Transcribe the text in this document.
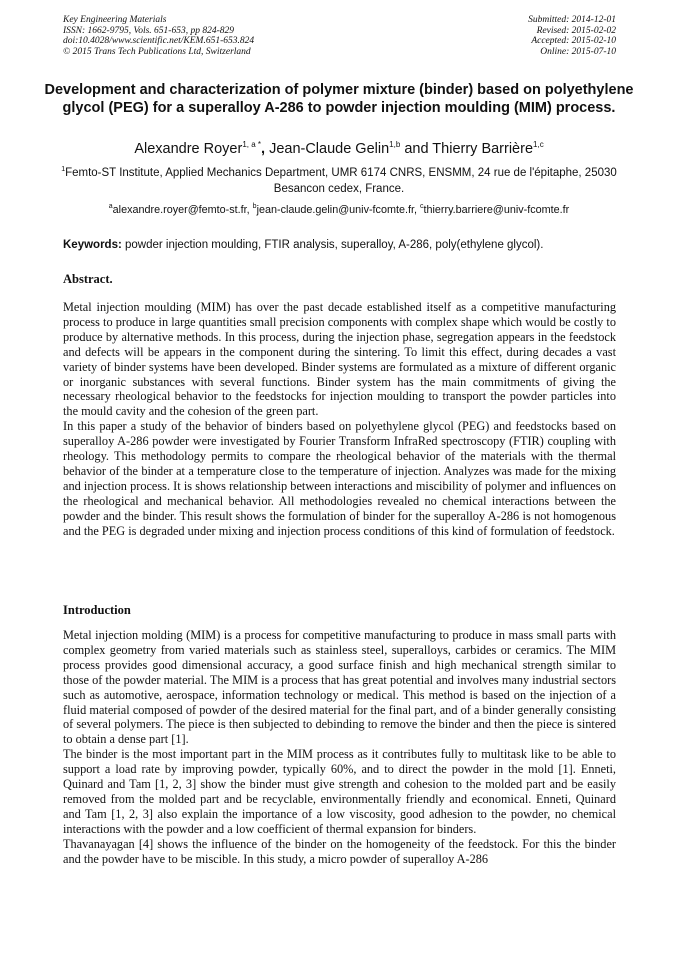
Key Engineering Materials
ISSN: 1662-9795, Vols. 651-653, pp 824-829
doi:10.4028/www.scientific.net/KEM.651-653.824
© 2015 Trans Tech Publications Ltd, Switzerland
Submitted: 2014-12-01
Revised: 2015-02-02
Accepted: 2015-02-10
Online: 2015-07-10
Development and characterization of polymer mixture (binder) based on polyethylene glycol (PEG) for a superalloy A-286 to powder injection moulding (MIM) process.
Alexandre Royer$^{1, a *}$, Jean-Claude Gelin$^{1,b}$ and Thierry Barrière$^{1,c}$
$^1$Femto-ST Institute, Applied Mechanics Department, UMR 6174 CNRS, ENSMM, 24 rue de l'épitaphe, 25030 Besancon cedex, France.
$^a$alexandre.royer@femto-st.fr, $^b$jean-claude.gelin@univ-fcomte.fr, $^c$thierry.barriere@univ-fcomte.fr
Keywords: powder injection moulding, FTIR analysis, superalloy, A-286, poly(ethylene glycol).
Abstract.

Metal injection moulding (MIM) has over the past decade established itself as a competitive manufacturing process to produce in large quantities small precision components with complex shape which would be costly to produce by alternative methods. In this process, during the injection phase, segregation appears in the feedstock and defects will be appears in the component during the sintering. To limit this effect, during decades a vast variety of binder systems have been developed. Binder systems are formulated as a mixture of different organic or inorganic substances with several functions. Binder system has the main commitments of giving the necessary rheological behavior to the feedstocks for injection moulding to transport the powder particles into the mould cavity and the cohesion of the green part.

In this paper a study of the behavior of binders based on polyethylene glycol (PEG) and feedstocks based on superalloy A-286 powder were investigated by Fourier Transform InfraRed spectroscopy (FTIR) coupling with rheology. This methodology permits to compare the rheological behavior of the materials with the thermal behavior of the binder at a temperature close to the temperature of injection. Analyzes was made for the mixing and injection process. It is shows relationship between interactions and miscibility of polymer and influences on the rheological and mechanical behavior. All methodologies revealed no chemical interactions between the powder and the binder. This result shows the formulation of binder for the superalloy A-286 is not homogenous and the PEG is degraded under mixing and injection process conditions of this kind of formulation of feedstock.

Introduction

Metal injection molding (MIM) is a process for competitive manufacturing to produce in mass small parts with complex geometry from varied materials such as stainless steel, superalloys, carbides or ceramics. The MIM process provides good dimensional accuracy, a good surface finish and high mechanical strength similar to those of the powder material. The MIM is a process that has great potential and involves many industrial sectors such as automotive, aerospace, information technology or medical. This method is based on the injection of a fluid material composed of powder of the desired material for the final part, and of a binder generally consisting of several polymers. The piece is then subjected to debinding to remove the binder and then the piece is sintered to obtain a dense part [1].

The binder is the most important part in the MIM process as it contributes fully to multitask like to be able to support a load rate by improving powder, typically 60%, and to direct the powder in the mold [1]. Enneti, Quinard and Tam [1, 2, 3] show the binder must give strength and cohesion to the molded part and be easily removed from the molded part and be recyclable, environmentally friendly and economical. Enneti, Quinard and Tam [1, 2, 3] also explain the importance of a low viscosity, good adhesion to the powder, no chemical interactions with the powder and a low coefficient of thermal expansion for binders.

Thavanayagan [4] shows the influence of the binder on the homogeneity of the feedstock. For this the binder and the powder have to be miscible. In this study, a micro powder of superalloy A-286
